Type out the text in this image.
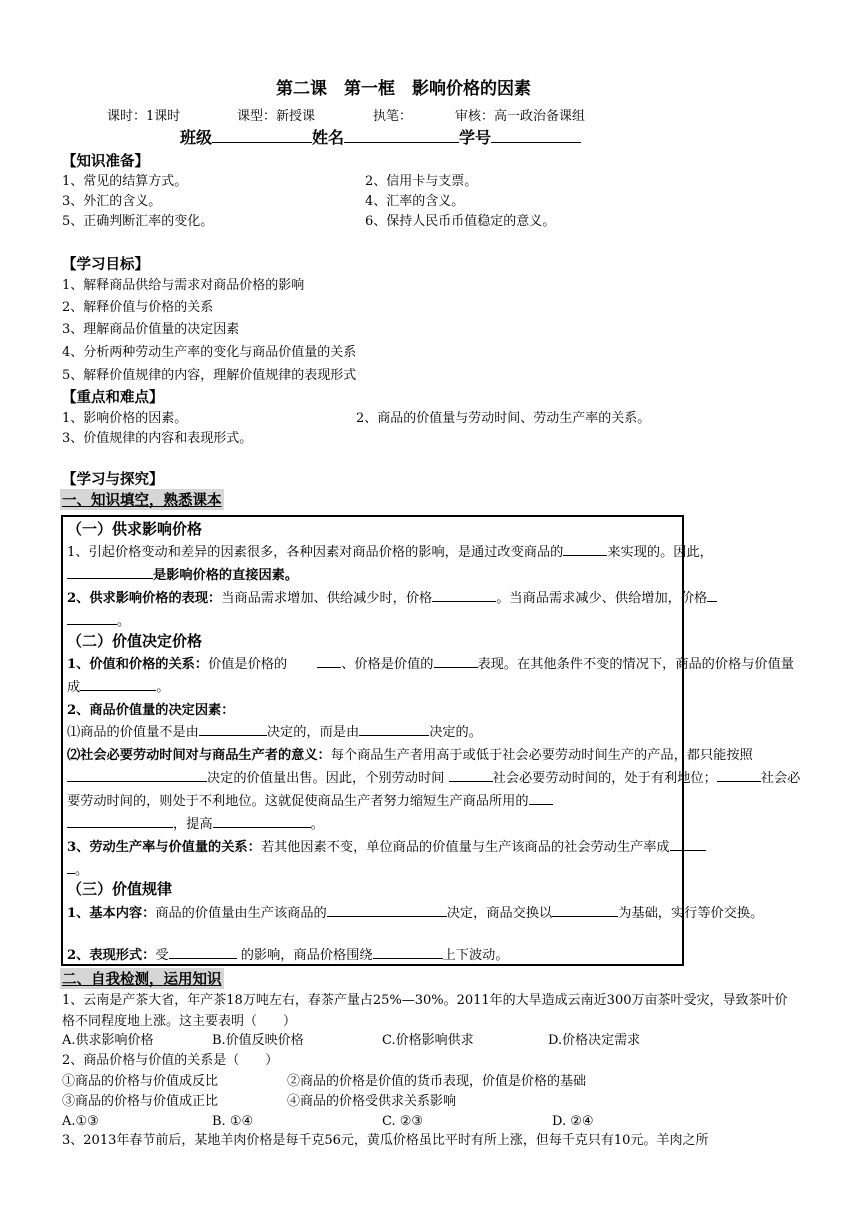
第二课　第一框　影响价格的因素
课时：1课时	课型：新授课	执笔：	审核：高一政治备课组
班级	姓名	学号
【知识准备】
1、常见的结算方式。	2、信用卡与支票。
3、外汇的含义。	4、汇率的含义。
5、正确判断汇率的变化。	6、保持人民币币值稳定的意义。
【学习目标】
1、解释商品供给与需求对商品价格的影响
2、解释价值与价格的关系
3、理解商品价值量的决定因素
4、分析两种劳动生产率的变化与商品价值量的关系
5、解释价值规律的内容，理解价值规律的表现形式
【重点和难点】
1、影响价格的因素。	2、商品的价值量与劳动时间、劳动生产率的关系。
3、价值规律的内容和表现形式。
【学习与探究】
一、知识填空，熟悉课本
（一）供求影响价格
1、引起价格变动和差异的因素很多，各种因素对商品价格的影响，是通过改变商品的	来实现的。因此，
是影响价格的直接因素。
2、供求影响价格的表现：当商品需求增加、供给减少时，价格	。当商品需求减少、供给增加，价格
。
（二）价值决定价格
1、价值和价格的关系：价值是价格的	、价格是价值的	表现。在其他条件不变的情况下，商品的价格与价值量成	。
2、商品价值量的决定因素：
⑴商品的价值量不是由	决定的，而是由	决定的。
⑵社会必要劳动时间对与商品生产者的意义：每个商品生产者用高于或低于社会必要劳动时间生产的产品，都只能按照决定的价值量出售。因此，个别劳动时间	社会必要劳动时间的，处于有利地位；	社会必要劳动时间的，则处于不利地位。这就促使商品生产者努力缩短生产商品所用的
，提高	。
3、劳动生产率与价值量的关系：若其他因素不变，单位商品的价值量与生产该商品的社会劳动生产率成
。
（三）价值规律
1、基本内容：商品的价值量由生产该商品的	决定，商品交换以	为基础，实行等价交换。
2、表现形式：受	的影响，商品价格围绕	上下波动。
二、自我检测，运用知识
1、云南是产茶大省，年产茶18万吨左右，春茶产量占25%—30%。2011年的大旱造成云南近300万亩茶叶受灾，导致茶叶价格不同程度地上涨。这主要表明（　　）
A.供求影响价格	B.价值反映价格	C.价格影响供求	D.价格决定需求
2、商品价格与价值的关系是（　　）
①商品的价格与价值成反比	②商品的价格是价值的货币表现，价值是价格的基础
③商品的价格与价值成正比	④商品的价格受供求关系影响
A.①③	B. ①④	C. ②③	D. ②④
3、2013年春节前后，某地羊肉价格是每千克56元，黄瓜价格虽比平时有所上涨，但每千克只有10元。羊肉之所
